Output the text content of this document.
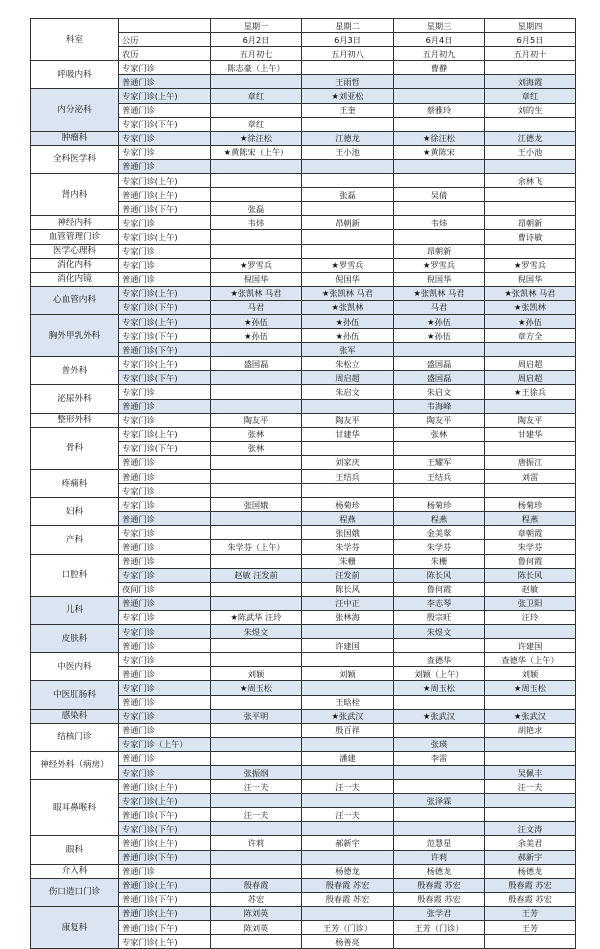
科室		星期一	星期二	星期三	星期四
	公历	6月2日	6月3日	6月4日	6月5日
	农历	五月初七	五月初八	五月初九	五月初十
呼吸内科	专家门诊	陈志豪（上午）		曹静	
	普通门诊		王雨哲		刘海霞
内分泌科	专家门诊(上午)	章红	★刘亚松		章红
	普通门诊		王奎	蔡雅玲	刘的生
	专家门诊(下午)	章红			
肿瘤科	专家门诊	★徐汪松	江德龙	★徐汪松	江德龙
全科医学科	专家门诊	★黄陈宋（上午）	王小池	★黄陈宋	王小池
	普通门诊				
肾内科	专家门诊(上午)				余林飞
	普通门诊(上午)		张磊	吴倩	
	普通门诊(下午)	张磊			
神经内科	专家门诊	韦炜	昂朝新	韦炜	昂朝新
血管管理门诊	专家门诊(上午)				曹诗敏
医学心理科	专家门诊			昂朝新	
消化内科	专家门诊	★罗雪兵	★罗雪兵	★罗雪兵	★罗雪兵
消化内镜	普通门诊	倪国华	倪国华	倪国华	倪国华
心血管内科	专家门诊(上午)	★张凯林 马君	★张凯林 马君	★张凯林 马君	★张凯林 马君
	专家门诊(下午)	马君	★张凯林	马君	★张凯林
胸外甲乳外科	专家门诊(上午)	★孙伍	★孙伍	★孙伍	★孙伍
	专家门诊(下午)	★孙伍	★孙伍	★孙伍	章方全
	普通门诊(下午)		张军		
普外科	专家门诊(上午)	盛国磊	朱松立	盛国磊	周启超
	专家门诊(下午)		周启超	盛国磊	周启超
泌尿外科	专家门诊		朱启文	朱启文	★王徐兵
	普通门诊			韦海峰	
整形外科	专家门诊	陶友平	陶友平	陶友平	陶友平
骨科	专家门诊(上午)	张林	甘建华	张林	甘建华
	专家门诊(下午)	张林			
	普通门诊		刘家庆	王耀军	唐振江
疼痛科	普通门诊		王结兵	王结兵	刘雷
	专家门诊				
妇科	专家门诊	张国娥	杨菊珍	杨菊珍	杨菊珍
	普通门诊		程燕	程燕	程燕
产科	专家门诊		张国娥	金美翠	章朝霞
	普通门诊	朱学芬（上午）	朱学芬	朱学芬	朱学芬
口腔科	普通门诊		朱栅	朱栅	鲁何霞
	专家门诊	赵敏 汪发前	汪发前	陈长风	陈长风
	夜间门诊		陈长风	鲁何霞	赵敏
儿科	普通门诊		汪中正	李志琴	张卫阳
	专家门诊	★陈武华 汪玲	张林海	殷宗旺	汪玲
皮肤科	专家门诊	朱煜文		朱煜文	
	普通门诊		许建国		许建国
中医内科	专家门诊			查德华	查德华（上午）
	普通门诊	刘颖	刘颖	刘颖（上午）	刘颖
中医肛肠科	专家门诊	★周玉松		★周玉松	★周玉松
	普通门诊		王晗栓		
感染科	专家门诊	张平明	★张武汉	★张武汉	★张武汉
结核门诊	普通门诊		殷百祥		胡艳求
	专家门诊（上午）			张瑛	
神经外科（病房）	普通门诊		潘建	李雷	
	专家门诊	张振纲			吴佩丰
眼耳鼻喉科	普通门诊(上午)	汪一夫	汪一夫		汪一夫
	专家门诊(上午)			张泽霖	
	普通门诊(下午)	汪一夫	汪一夫		
	专家门诊(下午)				汪文涛
眼科	普通门诊(上午)	许莉	郝新宇	范慧星	余美君
	普通门诊(下午)			许莉	郝新宇
介入科	普通门诊		杨德龙	杨德龙	杨德龙
伤口造口门诊	普通门诊(上午)	殷春霞	殷春霞 苏宏	殷春霞 苏宏	殷春霞 苏宏
	普通门诊(下午)	苏宏	殷春霞 苏宏	殷春霞 苏宏	殷春霞 苏宏
康复科	普通门诊(上午)	陈刘英		张学君	王芳
	普通门诊(下午)	陈刘英	王芳（门诊）	王芳（门诊）	王芳
	专家门诊(上午)		杨善亮		
